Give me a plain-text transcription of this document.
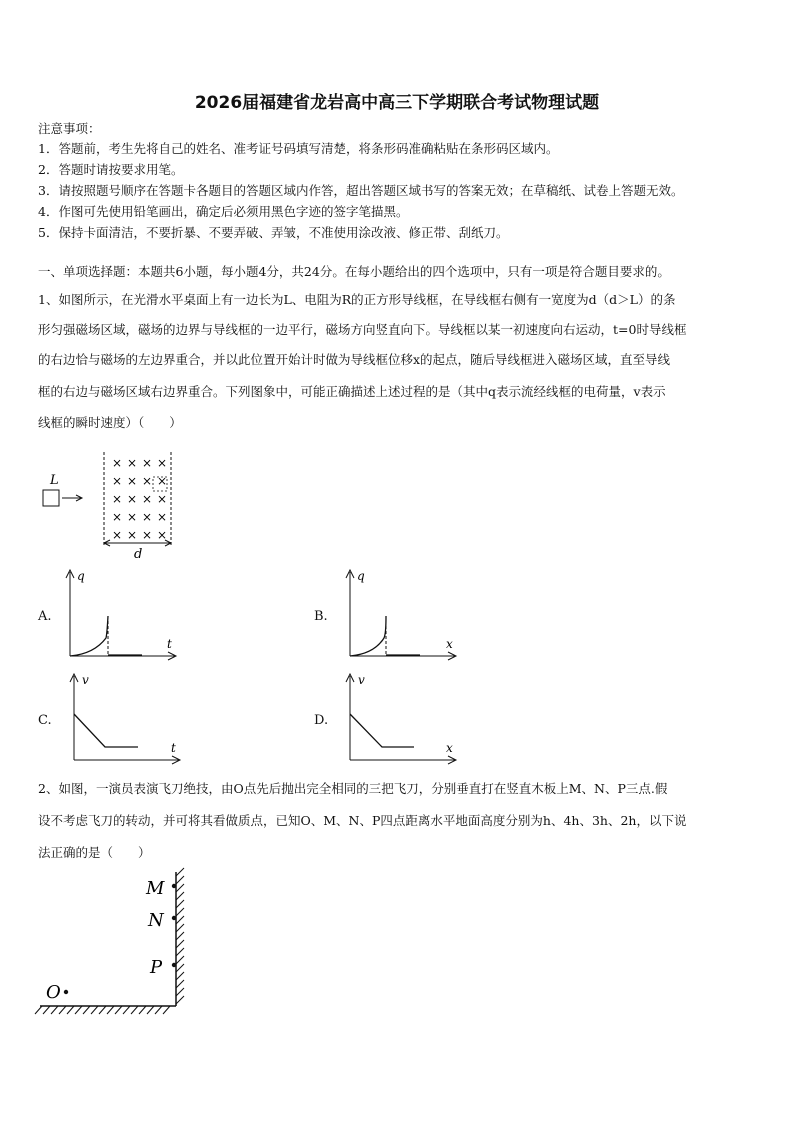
2026届福建省龙岩高中高三下学期联合考试物理试题
注意事项：
1．答题前，考生先将自己的姓名、准考证号码填写清楚，将条形码准确粘贴在条形码区域内。
2．答题时请按要求用笔。
3．请按照题号顺序在答题卡各题目的答题区域内作答，超出答题区域书写的答案无效；在草稿纸、试卷上答题无效。
4．作图可先使用铅笔画出，确定后必须用黑色字迹的签字笔描黑。
5．保持卡面清洁，不要折暴、不要弄破、弄皱，不准使用涂改液、修正带、刮纸刀。
一、单项选择题：本题共6小题，每小题4分，共24分。在每小题给出的四个选项中，只有一项是符合题目要求的。
1、如图所示，在光滑水平桌面上有一边长为L、电阻为R的正方形导线框，在导线框右侧有一宽度为d（d＞L）的条
形匀强磁场区域，磁场的边界与导线框的一边平行，磁场方向竖直向下。导线框以某一初速度向右运动，t=0时导线框
的右边恰与磁场的左边界重合，并以此位置开始计时做为导线框位移x的起点，随后导线框进入磁场区域，直至导线
框的右边与磁场区域右边界重合。下列图象中，可能正确描述上述过程的是（其中q表示流经线框的电荷量，v表示
线框的瞬时速度）（　　）
L
× × × ×
× × × ×
× × × ×
× × × ×
× × × ×
d
A.
q
t
B.
q
x
C.
v
t
D.
v
x
2、如图，一演员表演飞刀绝技，由O点先后抛出完全相同的三把飞刀，分别垂直打在竖直木板上M、N、P三点.假
设不考虑飞刀的转动，并可将其看做质点，已知O、M、N、P四点距离水平地面高度分别为h、4h、3h、2h，以下说
法正确的是（　　）
M
N
P
O
